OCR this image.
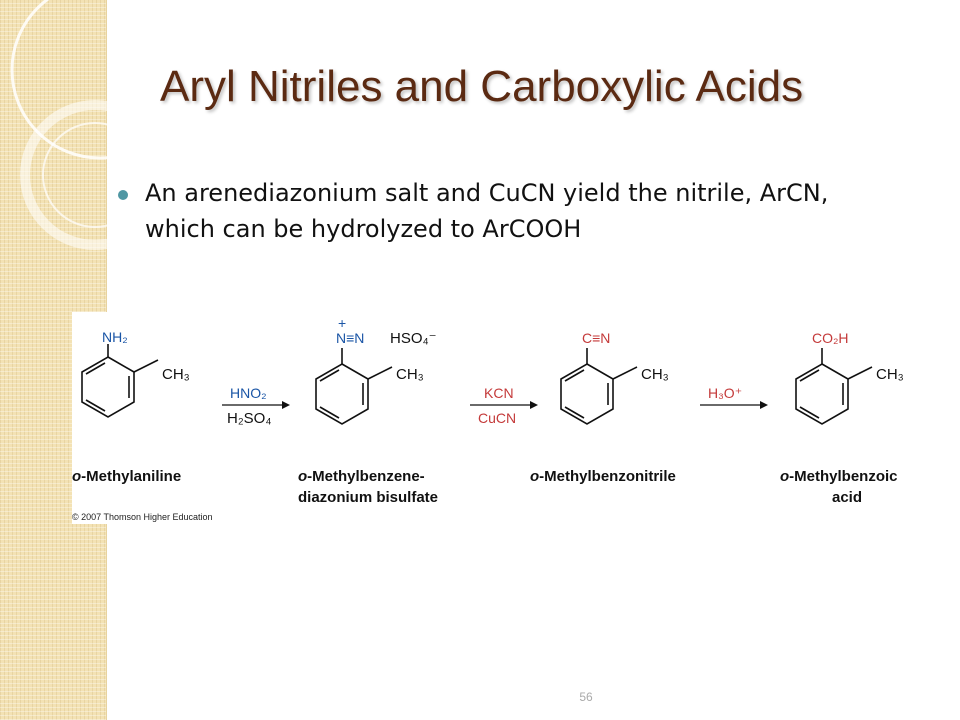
Aryl Nitriles and Carboxylic Acids
An arenediazonium salt and CuCN yield the nitrile, ArCN,
which can be hydrolyzed to ArCOOH
NH₂
CH₃
o-Methylaniline
HNO₂
H₂SO₄
+
N≡N HSO₄⁻
CH₃
o-Methylbenzene-
diazonium bisulfate
KCN
CuCN
C≡N
CH₃
o-Methylbenzonitrile
H₃O⁺
CO₂H
CH₃
o-Methylbenzoic
acid
© 2007 Thomson Higher Education
56
